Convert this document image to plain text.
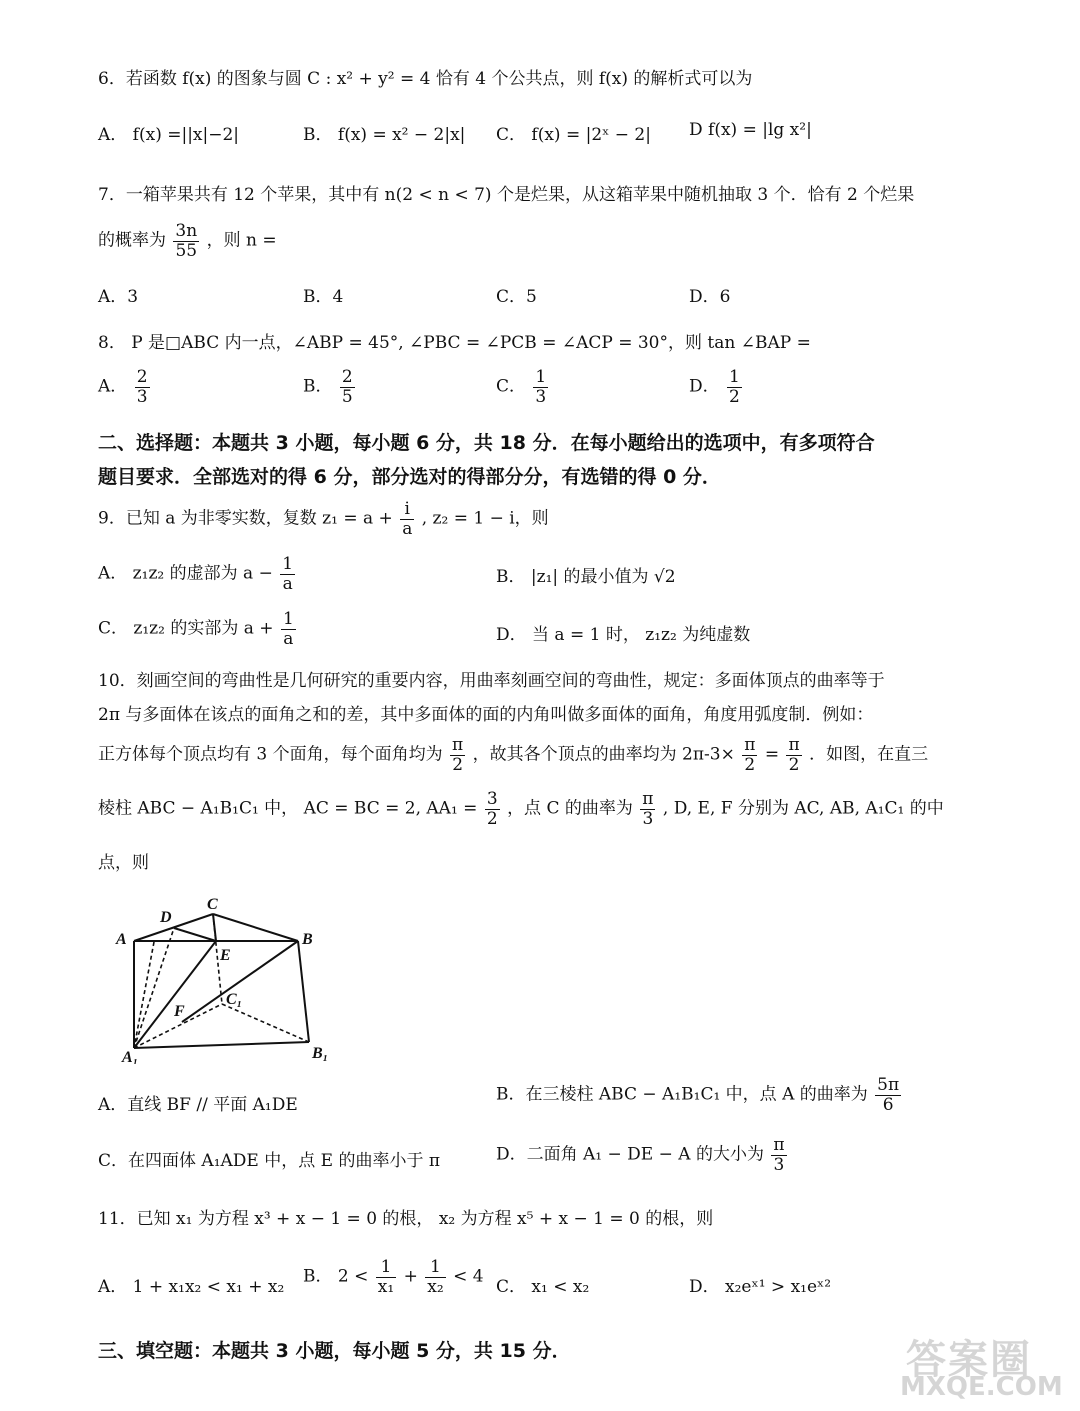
6．若函数 f(x) 的图象与圆 C : x² + y² = 4 恰有 4 个公共点，则 f(x) 的解析式可以为
A． f(x) =||x|−2|	B． f(x) = x² − 2|x| C． f(x) = |2ˣ − 2| D f(x) = |lg x²|
7．一箱苹果共有 12 个苹果，其中有 n(2 < n < 7) 个是烂果，从这箱苹果中随机抽取 3 个．恰有 2 个烂果
的概率为 $\frac{3n}{55}$ ，则 n =
A．3	B．4	C．5	D．6
8． P 是□ABC 内一点，∠ABP = 45°, ∠PBC = ∠PCB = ∠ACP = 30°，则 tan ∠BAP =
A． $\frac{2}{3}$	B． $\frac{2}{5}$	C． $\frac{1}{3}$	D． $\frac{1}{2}$
二、选择题：本题共 3 小题，每小题 6 分，共 18 分．在每小题给出的选项中，有多项符合
题目要求．全部选对的得 6 分，部分选对的得部分分，有选错的得 0 分．
9．已知 a 为非零实数，复数 $z_1 = a + \frac{i}{a}$ , z₂ = 1 − i，则
A． z₁z₂ 的虚部为 $a - \frac{1}{a}$	B． |z₁| 的最小值为 √2
C． z₁z₂ 的实部为 $a + \frac{1}{a}$	D． 当 a = 1 时， z₁z₂ 为纯虚数
10．刻画空间的弯曲性是几何研究的重要内容，用曲率刻画空间的弯曲性，规定：多面体顶点的曲率等于
2π 与多面体在该点的面角之和的差，其中多面体的面的内角叫做多面体的面角，角度用弧度制．例如：
正方体每个顶点均有 3 个面角，每个面角均为 $\frac{\pi}{2}$ ，故其各个顶点的曲率均为 $2\pi-3\times \frac{\pi}{2} = \frac{\pi}{2}$ ．如图，在直三
棱柱 ABC − A₁B₁C₁ 中， AC = BC = 2, $AA_1 = \frac{3}{2}$ ，点 C 的曲率为 $\frac{\pi}{3}$ , D, E, F 分别为 AC, AB, A₁C₁ 的中
点，则
D
C
A	B
E
C₁
F
A₁	B₁
A．直线 BF // 平面 A₁DE
B．在三棱柱 ABC − A₁B₁C₁ 中，点 A 的曲率为 $\frac{5\pi}{6}$
C．在四面体 A₁ADE 中，点 E 的曲率小于 π	D．二面角 A₁ − DE − A 的大小为 $\frac{\pi}{3}$
11．已知 x₁ 为方程 x³ + x − 1 = 0 的根， x₂ 为方程 x⁵ + x − 1 = 0 的根，则
A． 1 + x₁x₂ < x₁ + x₂
B． $2 < \frac{1}{\text{x₁}} + \frac{1}{\text{x₂}} < 4$
C． x₁ < x₂	D． x₂eˣ¹ > x₁eˣ²
三、填空题：本题共 3 小题，每小题 5 分，共 15 分．	答案圈
MXQE.COM
